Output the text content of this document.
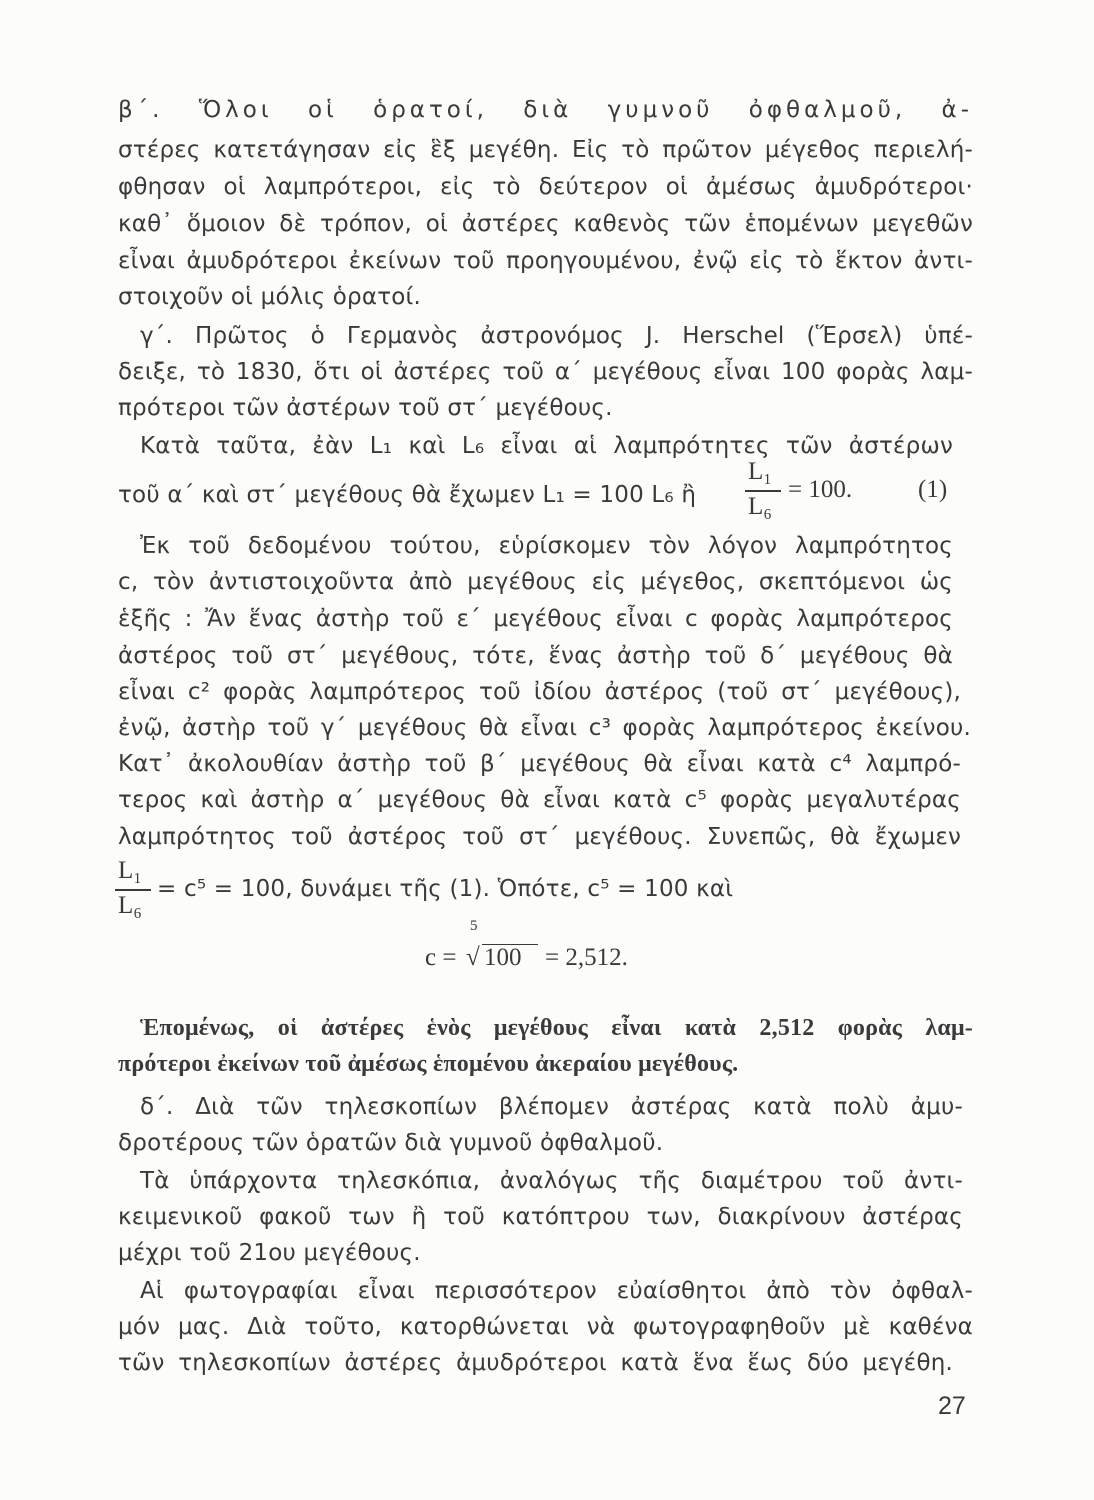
β΄. Ὅλοι οἱ ὁρατοί, διὰ γυμνοῦ ὀφθαλμοῦ, ἀ-
στέρες κατετάγησαν εἰς ἓξ μεγέθη. Εἰς τὸ πρῶτον μέγεθος περιελή-
φθησαν οἱ λαμπρότεροι, εἰς τὸ δεύτερον οἱ ἀμέσως ἀμυδρότεροι·
καθ᾽ ὅμοιον δὲ τρόπον, οἱ ἀστέρες καθενὸς τῶν ἑπομένων μεγεθῶν
εἶναι ἀμυδρότεροι ἐκείνων τοῦ προηγουμένου, ἐνῷ εἰς τὸ ἕκτον ἀντι-
στοιχοῦν οἱ μόλις ὁρατοί.
γ΄. Πρῶτος ὁ Γερμανὸς ἀστρονόμος J. Herschel (Ἕρσελ) ὑπέ-
δειξε, τὸ 1830, ὅτι οἱ ἀστέρες τοῦ α΄ μεγέθους εἶναι 100 φορὰς λαμ-
πρότεροι τῶν ἀστέρων τοῦ στ΄ μεγέθους.
Κατὰ ταῦτα, ἐὰν L₁ καὶ L₆ εἶναι αἱ λαμπρότητες τῶν ἀστέρων
τοῦ α΄ καὶ στ΄ μεγέθους θὰ ἔχωμεν L₁ = 100 L₆ ἢ
L₁
L₆
= 100.	(1)
Ἐκ τοῦ δεδομένου τούτου, εὑρίσκομεν τὸν λόγον λαμπρότητος
c, τὸν ἀντιστοιχοῦντα ἀπὸ μεγέθους εἰς μέγεθος, σκεπτόμενοι ὡς
ἑξῆς : Ἄν ἕνας ἀστὴρ τοῦ ε΄ μεγέθους εἶναι c φορὰς λαμπρότερος
ἀστέρος τοῦ στ΄ μεγέθους, τότε, ἕνας ἀστὴρ τοῦ δ΄ μεγέθους θὰ
εἶναι c² φορὰς λαμπρότερος τοῦ ἰδίου ἀστέρος (τοῦ στ΄ μεγέθους),
ἐνῷ, ἀστὴρ τοῦ γ΄ μεγέθους θὰ εἶναι c³ φορὰς λαμπρότερος ἐκείνου.
Κατ᾽ ἀκολουθίαν ἀστὴρ τοῦ β΄ μεγέθους θὰ εἶναι κατὰ c⁴ λαμπρό-
τερος καὶ ἀστὴρ α΄ μεγέθους θὰ εἶναι κατὰ c⁵ φορὰς μεγαλυτέρας
λαμπρότητος τοῦ ἀστέρος τοῦ στ΄ μεγέθους. Συνεπῶς, θὰ ἔχωμεν
L₁
L₆
= c⁵ = 100, δυνάμει τῆς (1). Ὁπότε, c⁵ = 100 καὶ
c =
5
√ 100 = 2,512.
Ἑπομένως, οἱ ἀστέρες ἑνὸς μεγέθους εἶναι κατὰ 2,512 φορὰς λαμ-
πρότεροι ἐκείνων τοῦ ἀμέσως ἑπομένου ἀκεραίου μεγέθους.
δ΄. Διὰ τῶν τηλεσκοπίων βλέπομεν ἀστέρας κατὰ πολὺ ἀμυ-
δροτέρους τῶν ὁρατῶν διὰ γυμνοῦ ὀφθαλμοῦ.
Τὰ ὑπάρχοντα τηλεσκόπια, ἀναλόγως τῆς διαμέτρου τοῦ ἀντι-
κειμενικοῦ φακοῦ των ἢ τοῦ κατόπτρου των, διακρίνουν ἀστέρας
μέχρι τοῦ 21ου μεγέθους.
Αἱ φωτογραφίαι εἶναι περισσότερον εὐαίσθητοι ἀπὸ τὸν ὀφθαλ-
μόν μας. Διὰ τοῦτο, κατορθώνεται νὰ φωτογραφηθοῦν μὲ καθένα
τῶν τηλεσκοπίων ἀστέρες ἀμυδρότεροι κατὰ ἕνα ἕως δύο μεγέθη.
27
